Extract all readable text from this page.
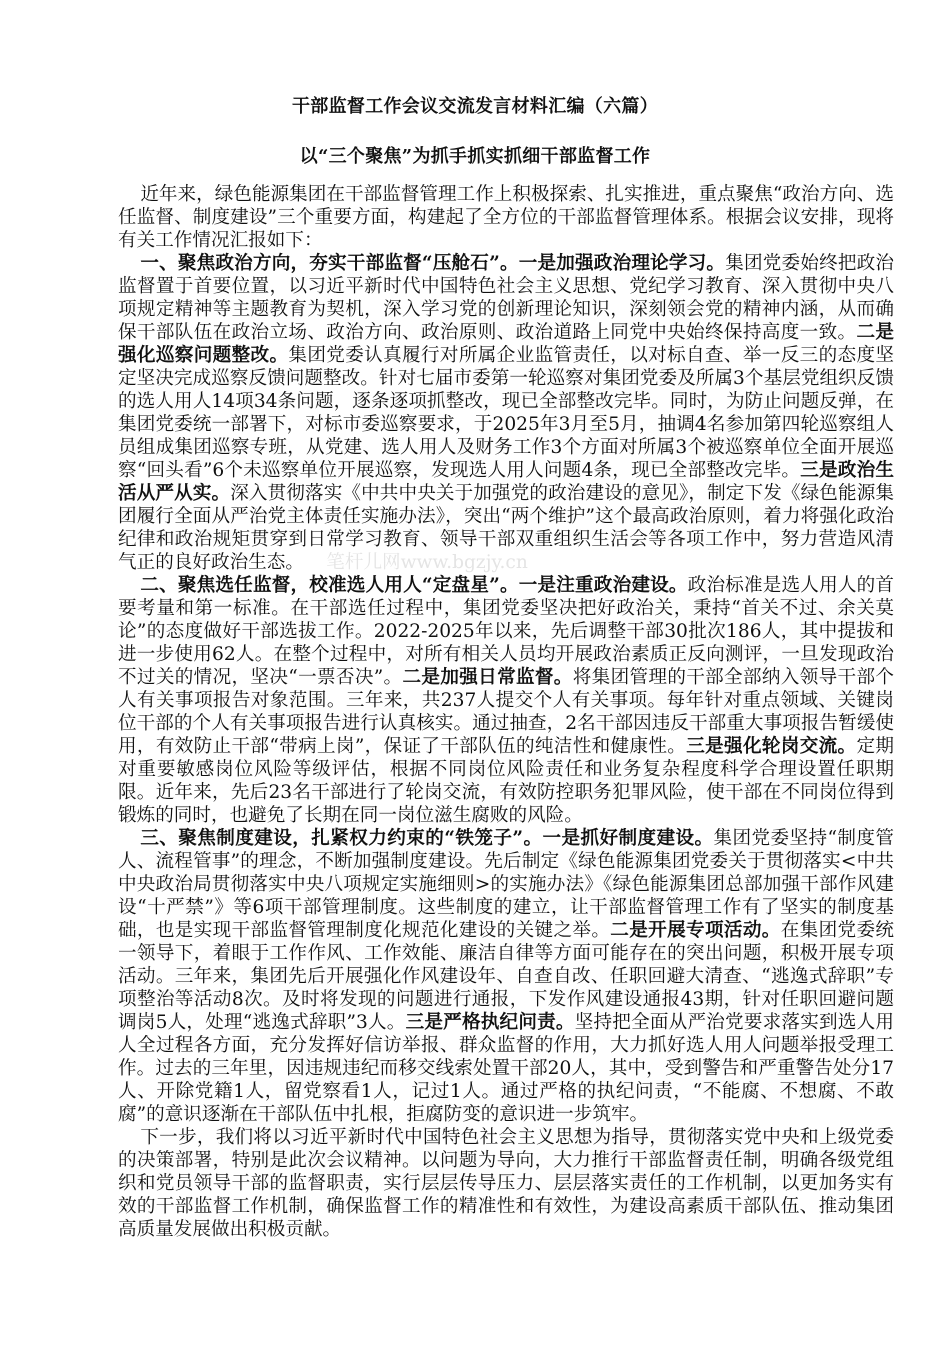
干部监督工作会议交流发言材料汇编（六篇）
以“三个聚焦”为抓手抓实抓细干部监督工作

近年来，绿色能源集团在干部监督管理工作上积极探索、扎实推进，重点聚焦“政治方向、选任监督、制度建设”三个重要方面，构建起了全方位的干部监督管理体系。根据会议安排，现将有关工作情况汇报如下：

一、聚焦政治方向，夯实干部监督“压舱石”。一是加强政治理论学习。集团党委始终把政治监督置于首要位置，以习近平新时代中国特色社会主义思想、党纪学习教育、深入贯彻中央八项规定精神等主题教育为契机，深入学习党的创新理论知识，深刻领会党的精神内涵，从而确保干部队伍在政治立场、政治方向、政治原则、政治道路上同党中央始终保持高度一致。二是强化巡察问题整改。集团党委认真履行对所属企业监管责任，以对标自查、举一反三的态度坚定坚决完成巡察反馈问题整改。针对七届市委第一轮巡察对集团党委及所属3个基层党组织反馈的选人用人14项34条问题，逐条逐项抓整改，现已全部整改完毕。同时，为防止问题反弹，在集团党委统一部署下，对标市委巡察要求，于2025年3月至5月，抽调4名参加第四轮巡察组人员组成集团巡察专班，从党建、选人用人及财务工作3个方面对所属3个被巡察单位全面开展巡察“回头看”6个未巡察单位开展巡察，发现选人用人问题4条，现已全部整改完毕。三是政治生活从严从实。深入贯彻落实《中共中央关于加强党的政治建设的意见》，制定下发《绿色能源集团履行全面从严治党主体责任实施办法》，突出“两个维护”这个最高政治原则，着力将强化政治纪律和政治规矩贯穿到日常学习教育、领导干部双重组织生活会等各项工作中，努力营造风清气正的良好政治生态。 笔杆儿网www.bgzjy.cn

二、聚焦选任监督，校准选人用人“定盘星”。一是注重政治建设。政治标准是选人用人的首要考量和第一标准。在干部选任过程中，集团党委坚决把好政治关，秉持“首关不过、余关莫论”的态度做好干部选拔工作。2022-2025年以来，先后调整干部30批次186人，其中提拔和进一步使用62人。在整个过程中，对所有相关人员均开展政治素质正反向测评，一旦发现政治不过关的情况，坚决“一票否决”。二是加强日常监督。将集团管理的干部全部纳入领导干部个人有关事项报告对象范围。三年来，共237人提交个人有关事项。每年针对重点领域、关键岗位干部的个人有关事项报告进行认真核实。通过抽查，2名干部因违反干部重大事项报告暂缓使用，有效防止干部“带病上岗”，保证了干部队伍的纯洁性和健康性。三是强化轮岗交流。定期对重要敏感岗位风险等级评估，根据不同岗位风险责任和业务复杂程度科学合理设置任职期限。近年来，先后23名干部进行了轮岗交流，有效防控职务犯罪风险，使干部在不同岗位得到锻炼的同时，也避免了长期在同一岗位滋生腐败的风险。

三、聚焦制度建设，扎紧权力约束的“铁笼子”。一是抓好制度建设。集团党委坚持“制度管人、流程管事”的理念，不断加强制度建设。先后制定《绿色能源集团党委关于贯彻落实<中共中央政治局贯彻落实中央八项规定实施细则>的实施办法》《绿色能源集团总部加强干部作风建设“十严禁”》等6项干部管理制度。这些制度的建立，让干部监督管理工作有了坚实的制度基础，也是实现干部监督管理制度化规范化建设的关键之举。二是开展专项活动。在集团党委统一领导下，着眼于工作作风、工作效能、廉洁自律等方面可能存在的突出问题，积极开展专项活动。三年来，集团先后开展强化作风建设年、自查自改、任职回避大清查、“逃逸式辞职”专项整治等活动8次。及时将发现的问题进行通报，下发作风建设通报43期，针对任职回避问题调岗5人，处理“逃逸式辞职”3人。三是严格执纪问责。坚持把全面从严治党要求落实到选人用人全过程各方面，充分发挥好信访举报、群众监督的作用，大力抓好选人用人问题举报受理工作。过去的三年里，因违规违纪而移交线索处置干部20人，其中，受到警告和严重警告处分17人、开除党籍1人，留党察看1人，记过1人。通过严格的执纪问责，“不能腐、不想腐、不敢腐”的意识逐渐在干部队伍中扎根，拒腐防变的意识进一步筑牢。

下一步，我们将以习近平新时代中国特色社会主义思想为指导，贯彻落实党中央和上级党委的决策部署，特别是此次会议精神。以问题为导向，大力推行干部监督责任制，明确各级党组织和党员领导干部的监督职责，实行层层传导压力、层层落实责任的工作机制，以更加务实有效的干部监督工作机制，确保监督工作的精准性和有效性，为建设高素质干部队伍、推动集团高质量发展做出积极贡献。
